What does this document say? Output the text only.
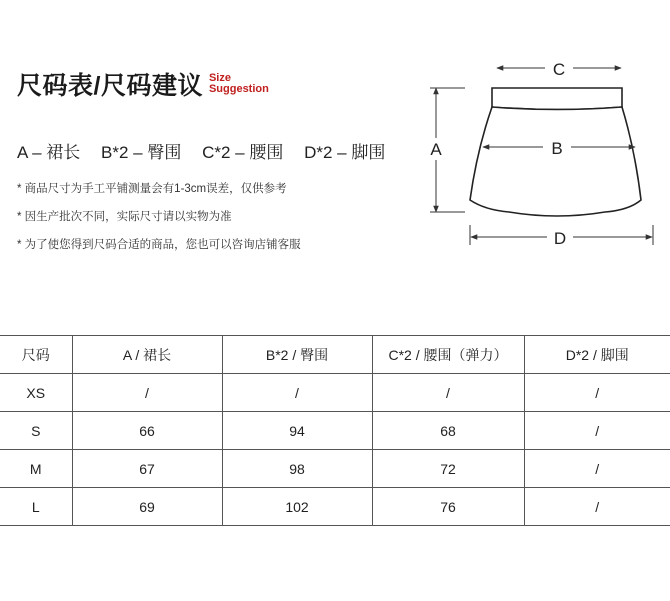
尺码表/尺码建议 Size
Suggestion
A – 裙长 B*2 – 臀围 C*2 – 腰围 D*2 – 脚围
* 商品尺寸为手工平铺测量会有1-3cm误差，仅供参考
* 因生产批次不同，实际尺寸请以实物为准
* 为了使您得到尺码合适的商品，您也可以咨询店铺客服
C
B
A
D
尺码	A / 裙长	B*2 / 臀围	C*2 / 腰围（弹力）	D*2 / 脚围
XS	/	/	/	/
S	66	94	68	/
M	67	98	72	/
L	69	102	76	/
